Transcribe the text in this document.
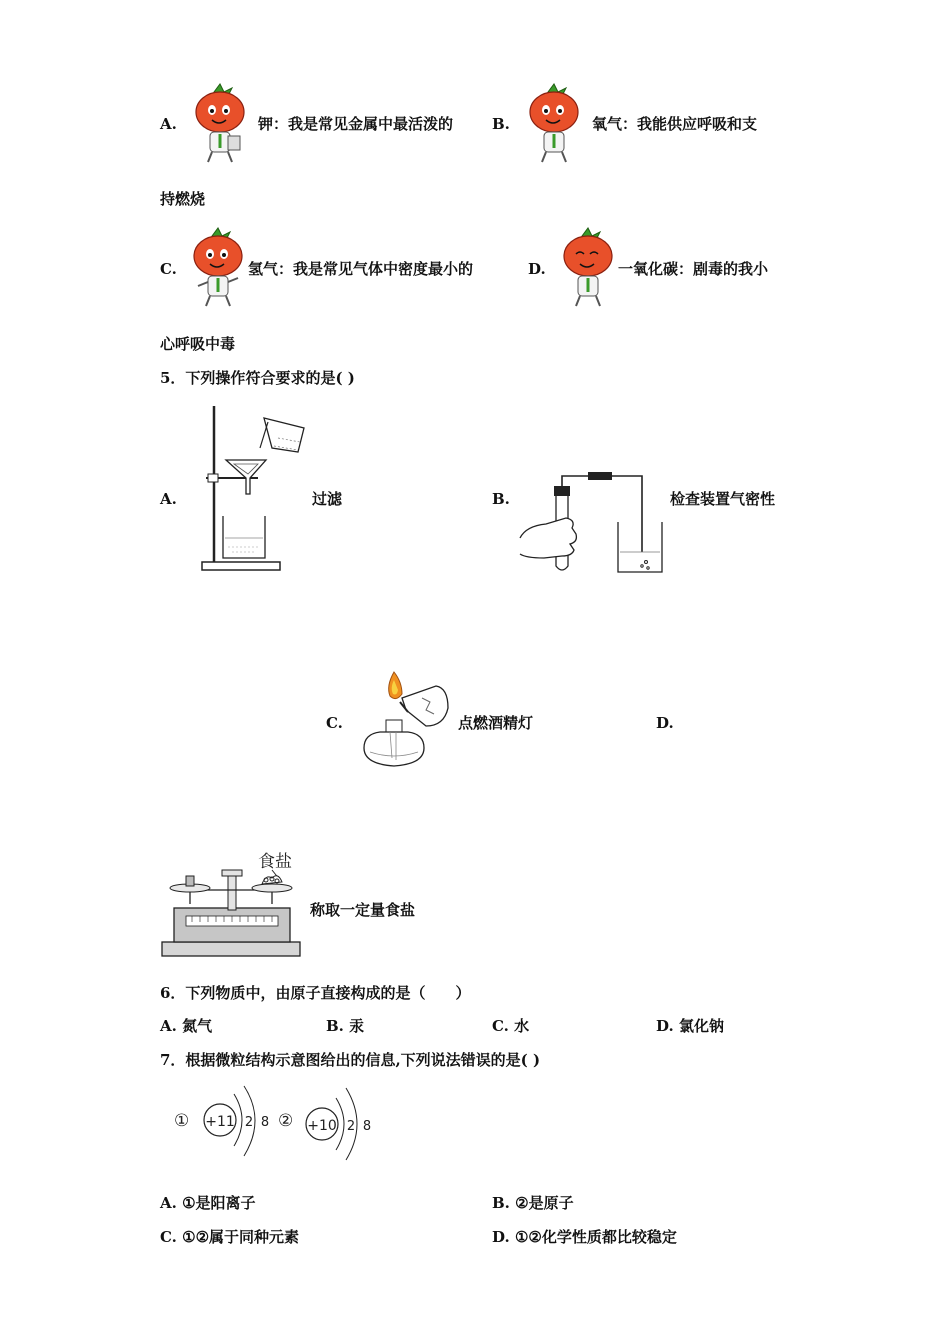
A.	钾：我是常见金属中最活泼的	B.	氧气：我能供应呼吸和支
持燃烧
C.	氢气：我是常见气体中密度最小的	D.	一氧化碳：剧毒的我小
心呼吸中毒
5．下列操作符合要求的是( )
A.	过滤	B.	检查装置气密性
C.	点燃酒精灯	D.
食盐
称取一定量食盐
6．下列物质中，由原子直接构成的是（　　）
A. 氮气	B. 汞	C. 水	D. 氯化钠
7．根据微粒结构示意图给出的信息,下列说法错误的是( )
① +11 2 8 ② +10 2 8
A. ①是阳离子	B. ②是原子
C. ①②属于同种元素	D. ①②化学性质都比较稳定
